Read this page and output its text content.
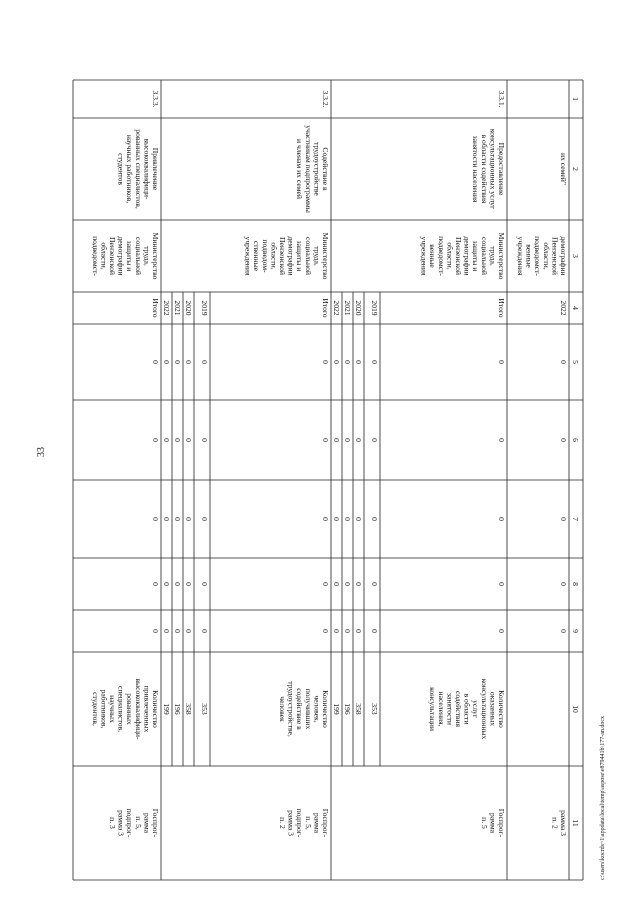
33
c:\users\kocrds~1\appdata\local\temp\aspose\e879441b\177-an.docx
1
2
3
4
5
6
7
8
9
10
11
их семей"
демографии
Пензенской
области,
подведомст-
венные
учреждения
2022
0
0
0
0
0
рамма 3
п. 2
3.3.1.
Предоставление
консультационных услуг
в области содействия
занятости населения
Министерство
труда,
социальной
защиты и
демографии
Пензенской
области,
подведомст-
венные
учреждения
Итого
0
0
0
0
0
Количество
оказанных
консультационных
услуг
в области
содействия
занятости
населения,
консультации
Госпрог-
рамма
п. 5
2019
0
0
0
0
0
353
2020
0
0
0
0
0
358
2021
0
0
0
0
0
196
2022
0
0
0
0
0
199
3.3.2.
Содействие в
трудоустройстве
участникам подпрограммы
и членам их семей
Министерство
труда,
социальной
защиты и
демографии
Пензенской
области,
подведом-
ственные
учреждения
Итого
0
0
0
0
0
Количество
человек,
получивших
содействие в
трудоустройстве,
человек
Госпрог-
рамма
п. 5,
подпрог-
рамма 3
п. 2
2019
0
0
0
0
0
353
2020
0
0
0
0
0
358
2021
0
0
0
0
0
196
2022
0
0
0
0
0
199
3.3.3.
Привлечение
высококвалифици-
рованных специалистов,
научных работников,
студентов
Министерство
труда,
социальной
защиты и
демографии
Пензенской
области,
подведомст-
Итого
0
0
0
0
0
Количество
привлеченных
высококвалифици-
рованных
специалистов,
научных
работников,
студентов,
Госпрог-
рамма
п. 5,
подпрог-
рамма 3
п. 3
